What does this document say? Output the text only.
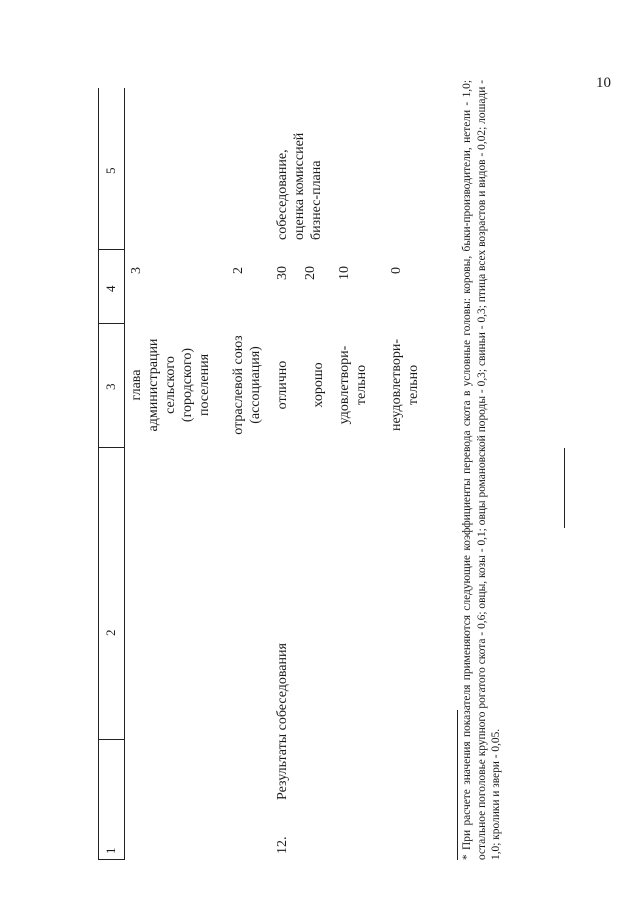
10
1
2
3
4
5
12.
Результаты собеседования
глава
администрации
сельского
(городского)
поселения
3
отраслевой союз
(ассоциация)
2
отлично
30
хорошо
20
удовлетвори-
тельно
10
неудовлетвори-
тельно
0
собеседование,
оценка комиссией
бизнес-плана	* При расчете значения показателя применяются следующие коэффициенты перевода скота в условные головы: коровы, быки-производители, нетели - 1,0; остальное поголовье крупного рогатого скота - 0,6; овцы, козы - 0,1; овцы романовской породы - 0,3; свиньи - 0,3; птица всех возрастов и видов - 0,02; лошади - 1,0; кролики и звери - 0,05.
